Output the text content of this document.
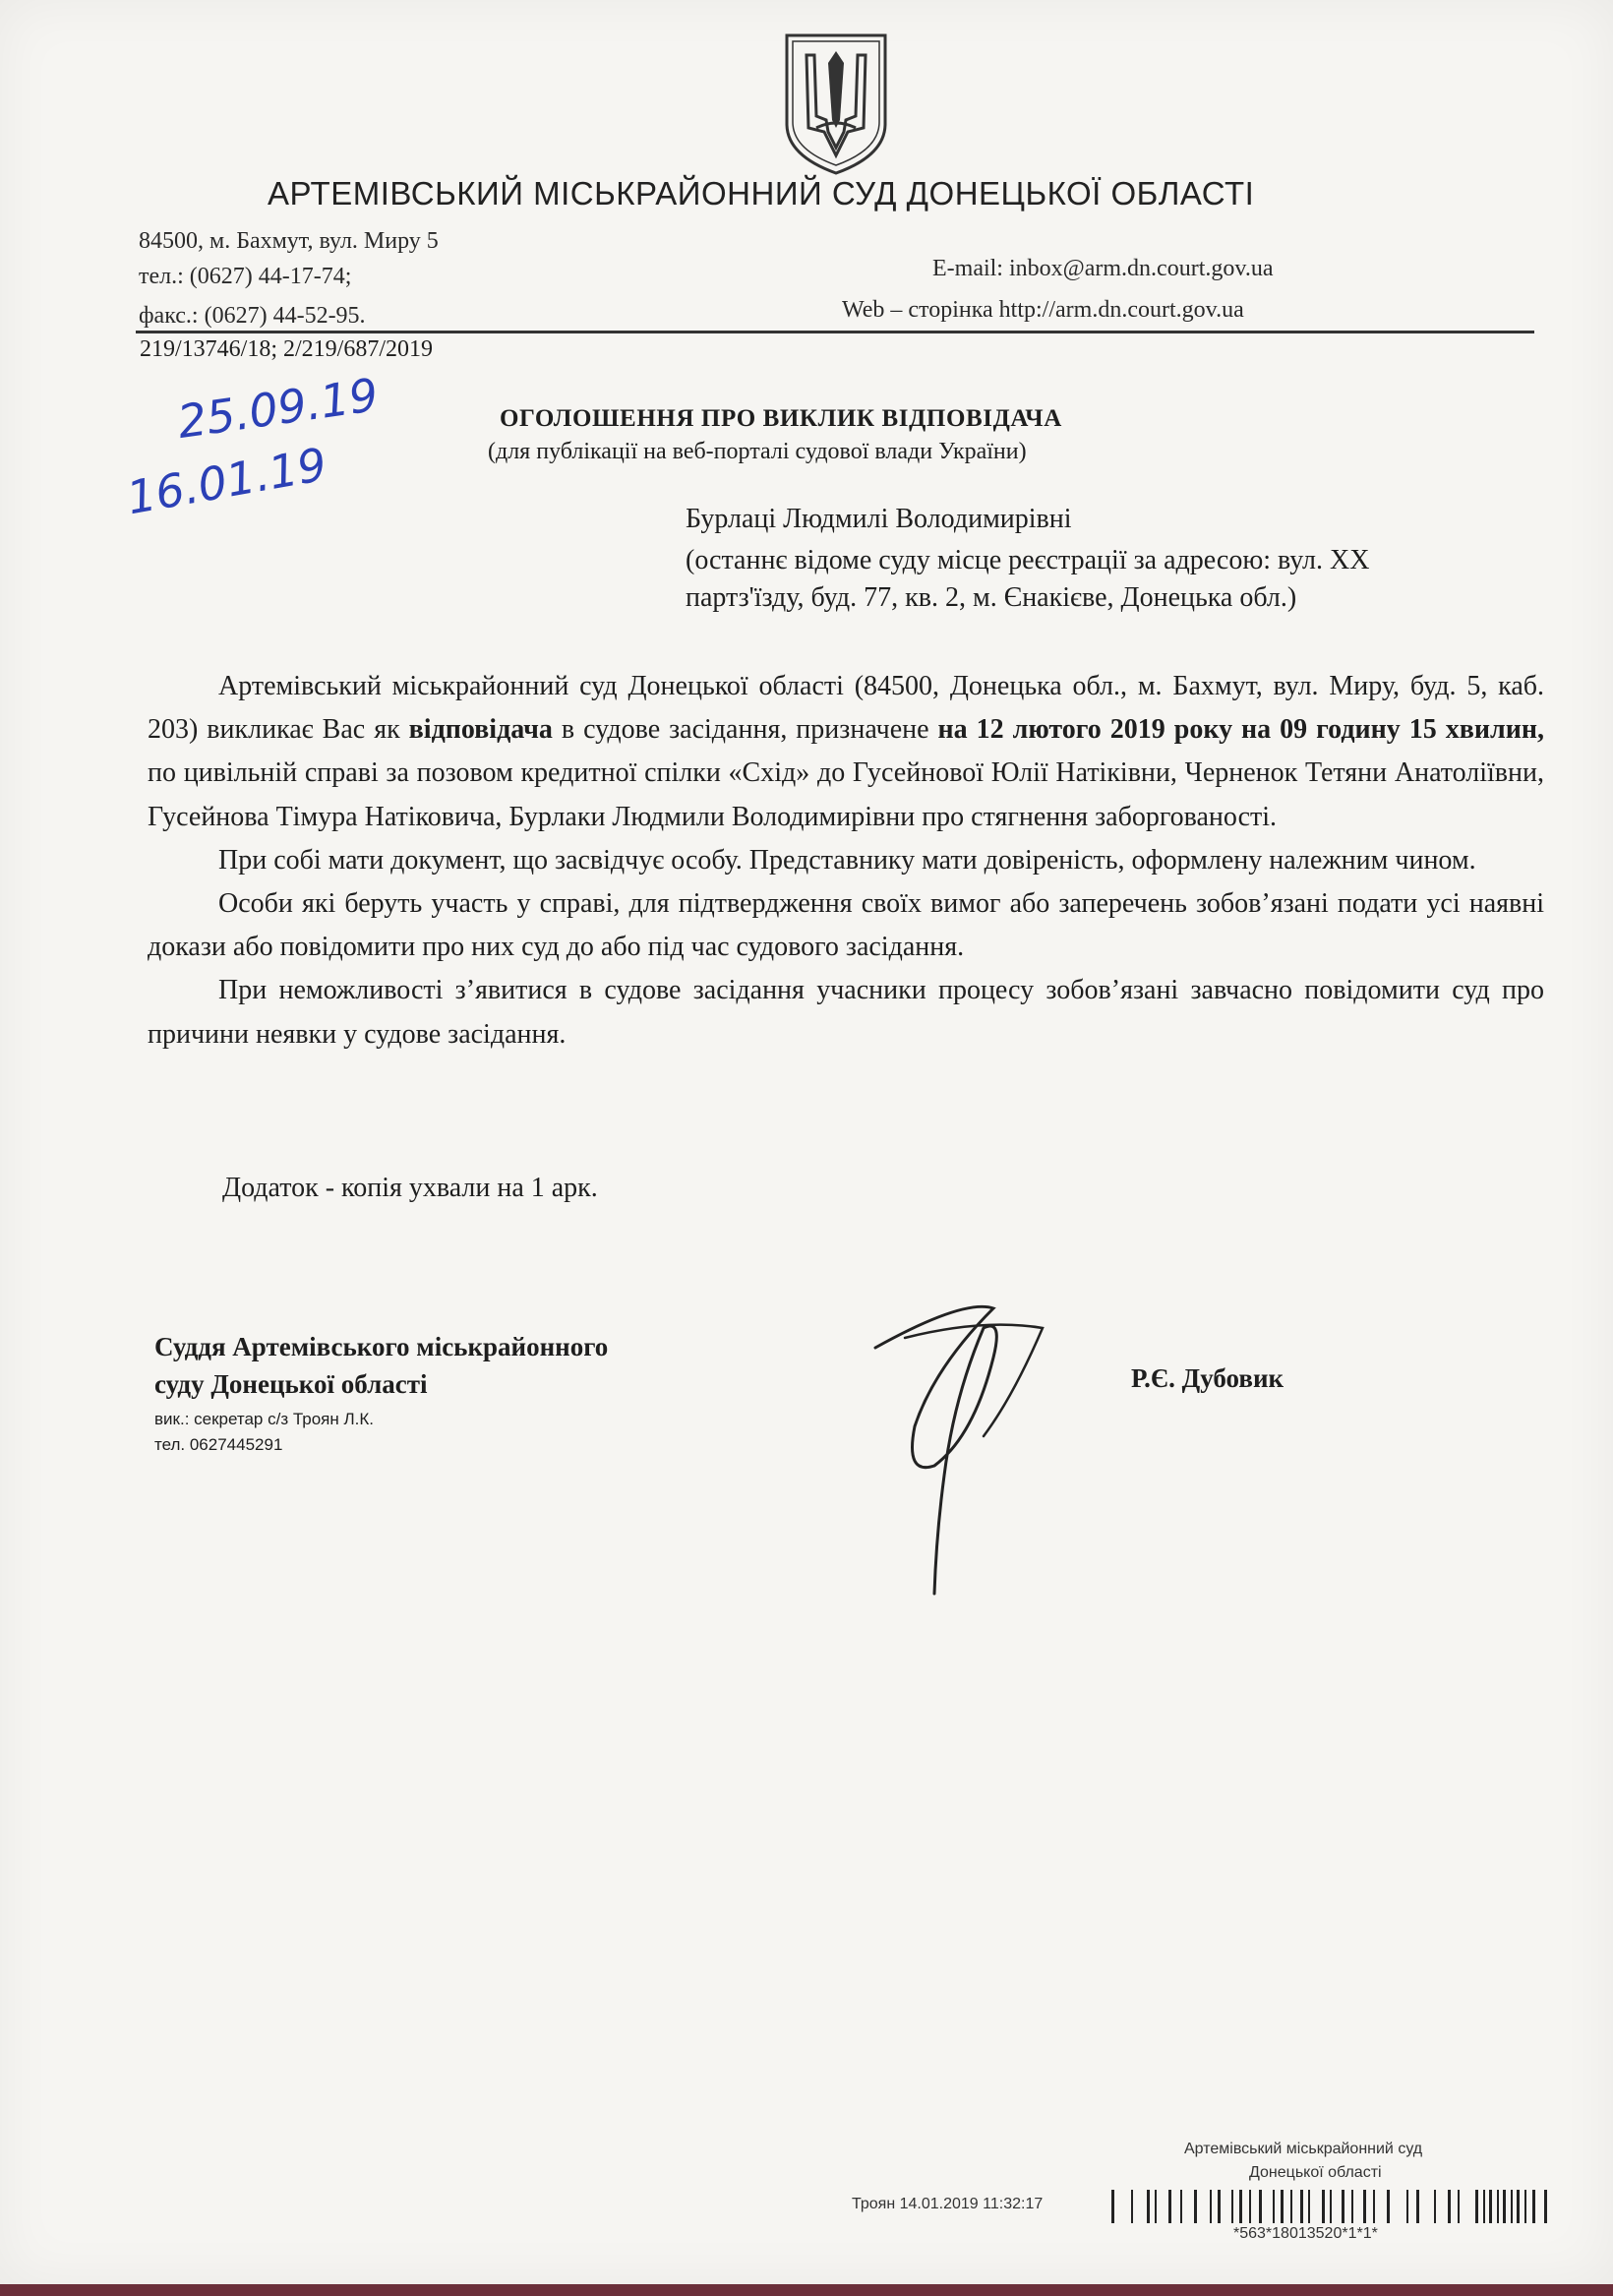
АРТЕМІВСЬКИЙ МІСЬКРАЙОННИЙ СУД ДОНЕЦЬКОЇ ОБЛАСТІ
84500, м. Бахмут, вул. Миру 5
тел.: (0627) 44-17-74;
факс.: (0627) 44-52-95.
E-mail: inbox@arm.dn.court.gov.ua
Web – сторінка http://arm.dn.court.gov.ua
219/13746/18; 2/219/687/2019
25.09.19
16.01.19
ОГОЛОШЕННЯ ПРО ВИКЛИК ВІДПОВІДАЧА
(для публікації на веб-порталі судової влади України)
Бурлаці Людмилі Володимирівні
(останнє відоме суду місце реєстрації за адресою: вул. XX
партз'їзду, буд. 77, кв. 2, м. Єнакієве, Донецька обл.)

Артемівський міськрайонний суд Донецької області (84500, Донецька обл., м. Бахмут, вул. Миру, буд. 5, каб. 203) викликає Вас як відповідача в судове засідання, призначене на 12 лютого 2019 року на 09 годину 15 хвилин, по цивільній справі за позовом кредитної спілки «Схід» до Гусейнової Юлії Натіківни, Черненок Тетяни Анатоліївни, Гусейнова Тімура Натіковича, Бурлаки Людмили Володимирівни про стягнення заборгованості.

При собі мати документ, що засвідчує особу. Представнику мати довіреність, оформлену належним чином.

Особи які беруть участь у справі, для підтвердження своїх вимог або заперечень зобов’язані подати усі наявні докази або повідомити про них суд до або під час судового засідання.

При неможливості з’явитися в судове засідання учасники процесу зобов’язані завчасно повідомити суд про причини неявки у судове засідання.

Додаток - копія ухвали на 1 арк.
Суддя Артемівського міськрайонного
суду Донецької області
вик.: секретар с/з Троян Л.К.
тел. 0627445291
Р.Є. Дубовик
Артемівський міськрайонний суд
Донецької області
Троян 14.01.2019 11:32:17
*563*18013520*1*1*
